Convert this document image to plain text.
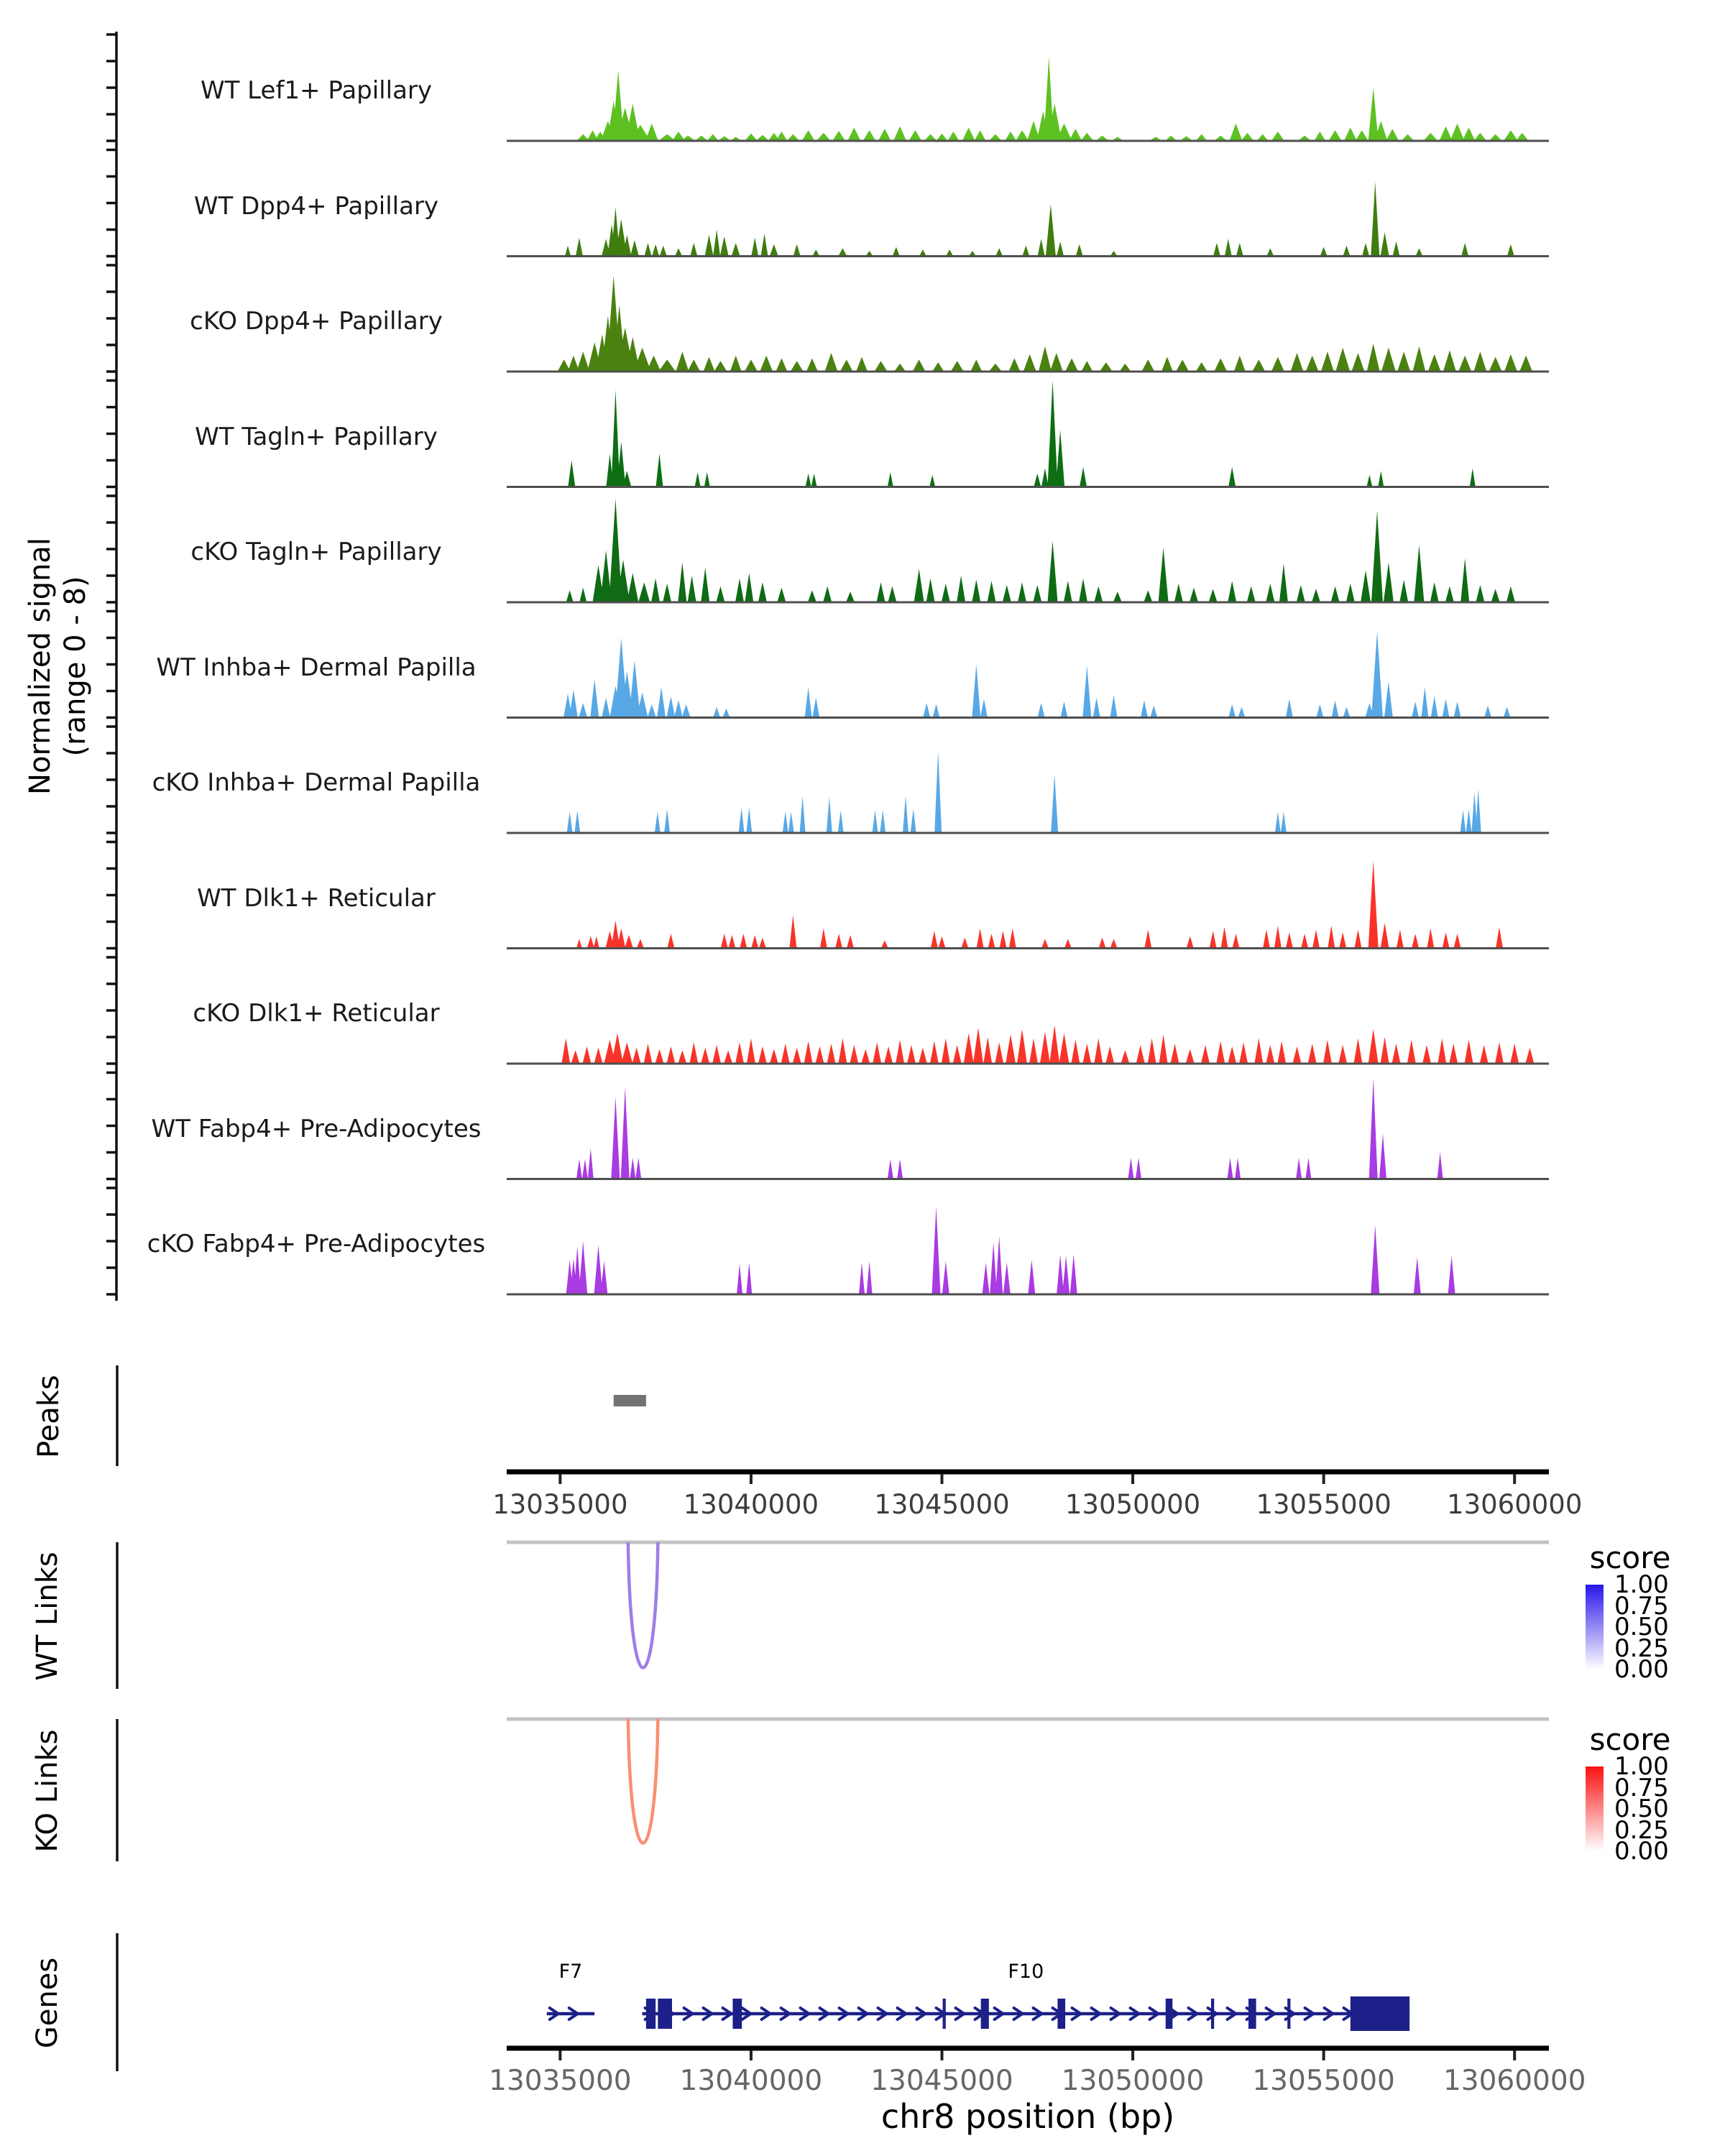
13035000 13040000 13045000 13050000 13055000 13060000
13035000 13040000 13045000 13050000 13055000 13060000
F7	F10
Normalized signal (range 0 - 8)
Peaks
WT Links
KO Links
Genes
WT Lef1+ Papillary
WT Dpp4+ Papillary
cKO Dpp4+ Papillary
WT Tagln+ Papillary
cKO Tagln+ Papillary
WT Inhba+ Dermal Papilla
cKO Inhba+ Dermal Papilla
WT Dlk1+ Reticular
cKO Dlk1+ Reticular
WT Fabp4+ Pre-Adipocytes
cKO Fabp4+ Pre-Adipocytes
score
1.00
0.75
0.50
0.25
0.00
score
1.00
0.75
0.50
0.25
0.00
chr8 position (bp)
